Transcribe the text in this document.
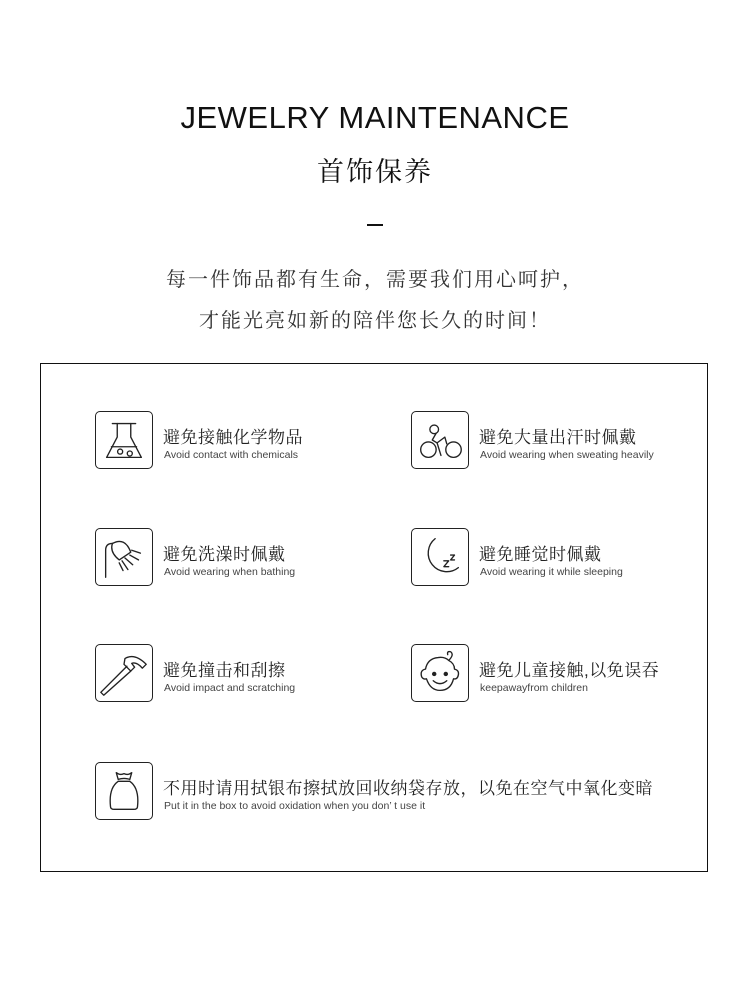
JEWELRY MAINTENANCE
首饰保养
每一件饰品都有生命，需要我们用心呵护，
才能光亮如新的陪伴您长久的时间！
避免接触化学物品
Avoid contact with chemicals
避免大量出汗时佩戴
Avoid wearing when sweating heavily
避免洗澡时佩戴
Avoid wearing when bathing
避免睡觉时佩戴
Avoid wearing it while sleeping
避免撞击和刮擦
Avoid impact and scratching
避免儿童接触,以免误吞
keepawayfrom children
不用时请用拭银布擦拭放回收纳袋存放，以免在空气中氧化变暗
Put it in the box to avoid oxidation when you don’ t use it
